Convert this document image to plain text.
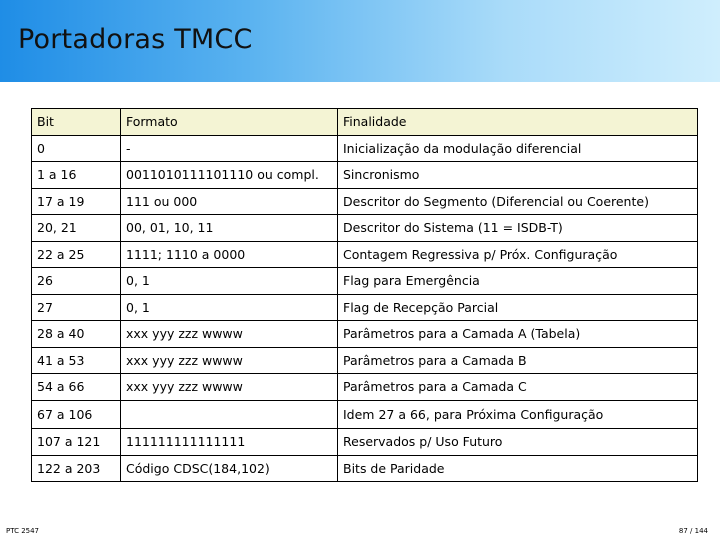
Portadoras TMCC
Bit	Formato	Finalidade
0	-	Inicialização da modulação diferencial
1 a 16	0011010111101110 ou compl.	Sincronismo
17 a 19	111 ou 000	Descritor do Segmento (Diferencial ou Coerente)
20, 21	00, 01, 10, 11	Descritor do Sistema (11 = ISDB-T)
22 a 25	1111; 1110 a 0000	Contagem Regressiva p/ Próx. Configuração
26	0, 1	Flag para Emergência
27	0, 1	Flag de Recepção Parcial
28 a 40	xxx yyy zzz wwww	Parâmetros para a Camada A (Tabela)
41 a 53	xxx yyy zzz wwww	Parâmetros para a Camada B
54 a 66	xxx yyy zzz wwww	Parâmetros para a Camada C
67 a 106		Idem 27 a 66, para Próxima Configuração
107 a 121	111111111111111	Reservados p/ Uso Futuro
122 a 203	Código CDSC(184,102)	Bits de Paridade
PTC 2547	87 / 144
